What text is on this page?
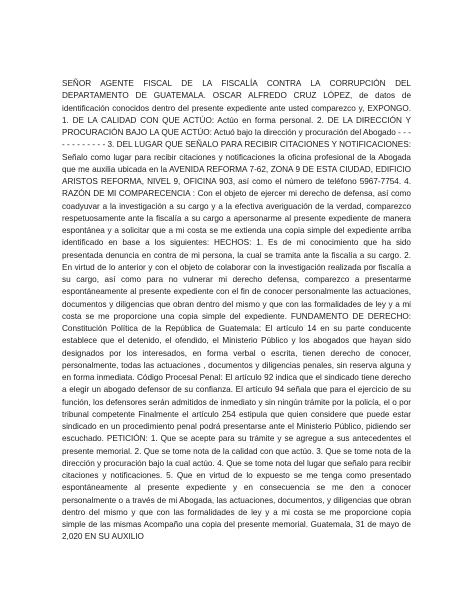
SEÑOR AGENTE FISCAL DE LA FISCALÍA CONTRA LA CORRUPCIÓN DEL DEPARTAMENTO DE GUATEMALA. OSCAR ALFREDO CRUZ LÓPEZ, de datos de identificación conocidos dentro del presente expediente ante usted comparezco y, EXPONGO. 1. DE LA CALIDAD CON QUE ACTÚO: Actúo en forma personal. 2. DE LA DIRECCIÓN Y PROCURACIÓN BAJO LA QUE ACTÚO: Actuó bajo la dirección y procuración del Abogado - - - - - - - - - - - - 3. DEL LUGAR QUE SEÑALO PARA RECIBIR CITACIONES Y NOTIFICACIONES: Señalo como lugar para recibir citaciones y notificaciones la oficina profesional de la Abogada que me auxilia ubicada en la AVENIDA REFORMA 7-62, ZONA 9 DE ESTA CIUDAD, EDIFICIO ARISTOS REFORMA, NIVEL 9, OFICINA 903, así como el número de teléfono 5967-7754. 4. RAZÓN DE MI COMPARECENCIA : Con el objeto de ejercer mi derecho de defensa, así como coadyuvar a la investigación a su cargo y a la efectiva averiguación de la verdad, comparezco respetuosamente ante la fiscalía a su cargo a apersonarme al presente expediente de manera espontánea y a solicitar que a mi costa se me extienda una copia simple del expediente arriba identificado en base a los siguientes: HECHOS: 1. Es de mi conocimiento que ha sido presentada denuncia en contra de mi persona, la cual se tramita ante la fiscalía a su cargo. 2. En virtud de lo anterior y con el objeto de colaborar con la investigación realizada por fiscalía a su cargo, así como para no vulnerar mi derecho defensa, comparezco a presentarme espontáneamente al presente expediente con el fin de conocer personalmente las actuaciones, documentos y diligencias que obran dentro del mismo y que con las formalidades de ley y a mi costa se me proporcione una copia simple del expediente. FUNDAMENTO DE DERECHO: Constitución Política de la República de Guatemala: El artículo 14 en su parte conducente establece que el detenido, el ofendido, el Ministerio Público y los abogados que hayan sido designados por los interesados, en forma verbal o escrita, tienen derecho de conocer, personalmente, todas las actuaciones , documentos y diligencias penales, sin reserva alguna y en forma inmediata. Código Procesal Penal: El artículo 92 indica que el sindicado tiene derecho a elegir un abogado defensor de su confianza. El artículo 94 señala que para el ejercicio de su función, los defensores serán admitidos de inmediato y sin ningún trámite por la policía, el o por tribunal competente Finalmente el artículo 254 estipula que quien considere que puede estar sindicado en un procedimiento penal podrá presentarse ante el Ministerio Público, pidiendo ser escuchado. PETICIÓN: 1. Que se acepte para su trámite y se agregue a sus antecedentes el presente memorial. 2. Que se tome nota de la calidad con que actúo. 3. Que se tome nota de la dirección y procuración bajo la cual actúo. 4. Que se tome nota del lugar que señalo para recibir citaciones y notificaciones. 5. Que en virtud de lo expuesto se me tenga como presentado espontáneamente al presente expediente y en consecuencia se me den a conocer personalmente o a través de mi Abogada, las actuaciones, documentos, y diligencias que obran dentro del mismo y que con las formalidades de ley y a mi costa se me proporcione copia simple de las mismas Acompaño una copia del presente memorial. Guatemala, 31 de mayo de 2,020 EN SU AUXILIO
